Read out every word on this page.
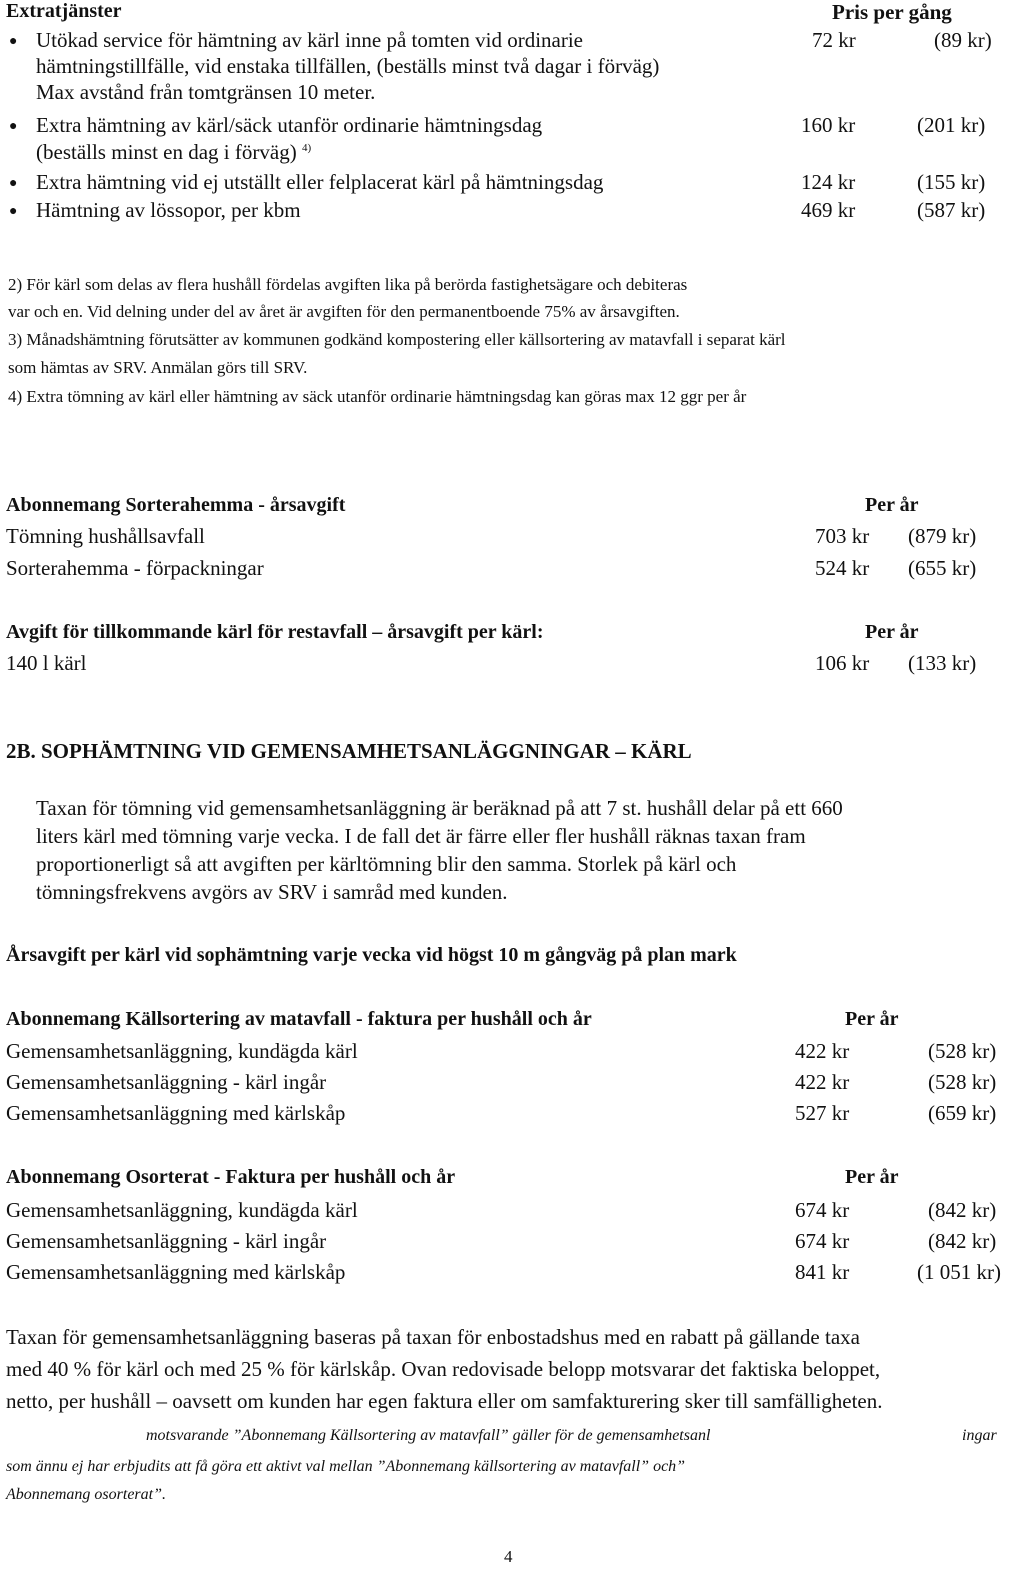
Extratjänster	Pris per gång
● Utökad service för hämtning av kärl inne på tomten vid ordinarie
hämtningstillfälle, vid enstaka tillfällen, (beställs minst två dagar i förväg)
Max avstånd från tomtgränsen 10 meter.
72 kr	(89 kr)
● Extra hämtning av kärl/säck utanför ordinarie hämtningsdag
(beställs minst en dag i förväg) $^{4)}$
160 kr	(201 kr)
● Extra hämtning vid ej utställt eller felplacerat kärl på hämtningsdag	124 kr	(155 kr)
● Hämtning av lössopor, per kbm	469 kr	(587 kr)
2) För kärl som delas av flera hushåll fördelas avgiften lika på berörda fastighetsägare och debiteras
var och en. Vid delning under del av året är avgiften för den permanentboende 75% av årsavgiften.
3) Månadshämtning förutsätter av kommunen godkänd kompostering eller källsortering av matavfall i separat kärl
som hämtas av SRV. Anmälan görs till SRV.
4) Extra tömning av kärl eller hämtning av säck utanför ordinarie hämtningsdag kan göras max 12 ggr per år
Abonnemang Sorterahemma - årsavgift	Per år
Tömning hushållsavfall	703 kr (879 kr)
Sorterahemma - förpackningar	524 kr (655 kr)
Avgift för tillkommande kärl för restavfall – årsavgift per kärl:	Per år
140 l kärl	106 kr (133 kr)
2B. SOPHÄMTNING VID GEMENSAMHETSANLÄGGNINGAR – KÄRL
Taxan för tömning vid gemensamhetsanläggning är beräknad på att 7 st. hushåll delar på ett 660
liters kärl med tömning varje vecka. I de fall det är färre eller fler hushåll räknas taxan fram
proportionerligt så att avgiften per kärltömning blir den samma. Storlek på kärl och
tömningsfrekvens avgörs av SRV i samråd med kunden.
Årsavgift per kärl vid sophämtning varje vecka vid högst 10 m gångväg på plan mark
Abonnemang Källsortering av matavfall - faktura per hushåll och år	Per år
Gemensamhetsanläggning, kundägda kärl	422 kr	(528 kr)
Gemensamhetsanläggning - kärl ingår	422 kr	(528 kr)
Gemensamhetsanläggning med kärlskåp	527 kr	(659 kr)
Abonnemang Osorterat - Faktura per hushåll och år	Per år
Gemensamhetsanläggning, kundägda kärl	674 kr	(842 kr)
Gemensamhetsanläggning - kärl ingår	674 kr	(842 kr)
Gemensamhetsanläggning med kärlskåp	841 kr	(1 051 kr)
Taxan för gemensamhetsanläggning baseras på taxan för enbostadshus med en rabatt på gällande taxa
med 40 % för kärl och med 25 % för kärlskåp. Ovan redovisade belopp motsvarar det faktiska beloppet,
netto, per hushåll – oavsett om kunden har egen faktura eller om samfakturering sker till samfälligheten.
motsvarande ”Abonnemang Källsortering av matavfall” gäller för de gemensamhetsanl	ingar
som ännu ej har erbjudits att få göra ett aktivt val mellan ”Abonnemang källsortering av matavfall” och”
Abonnemang osorterat”.
4
